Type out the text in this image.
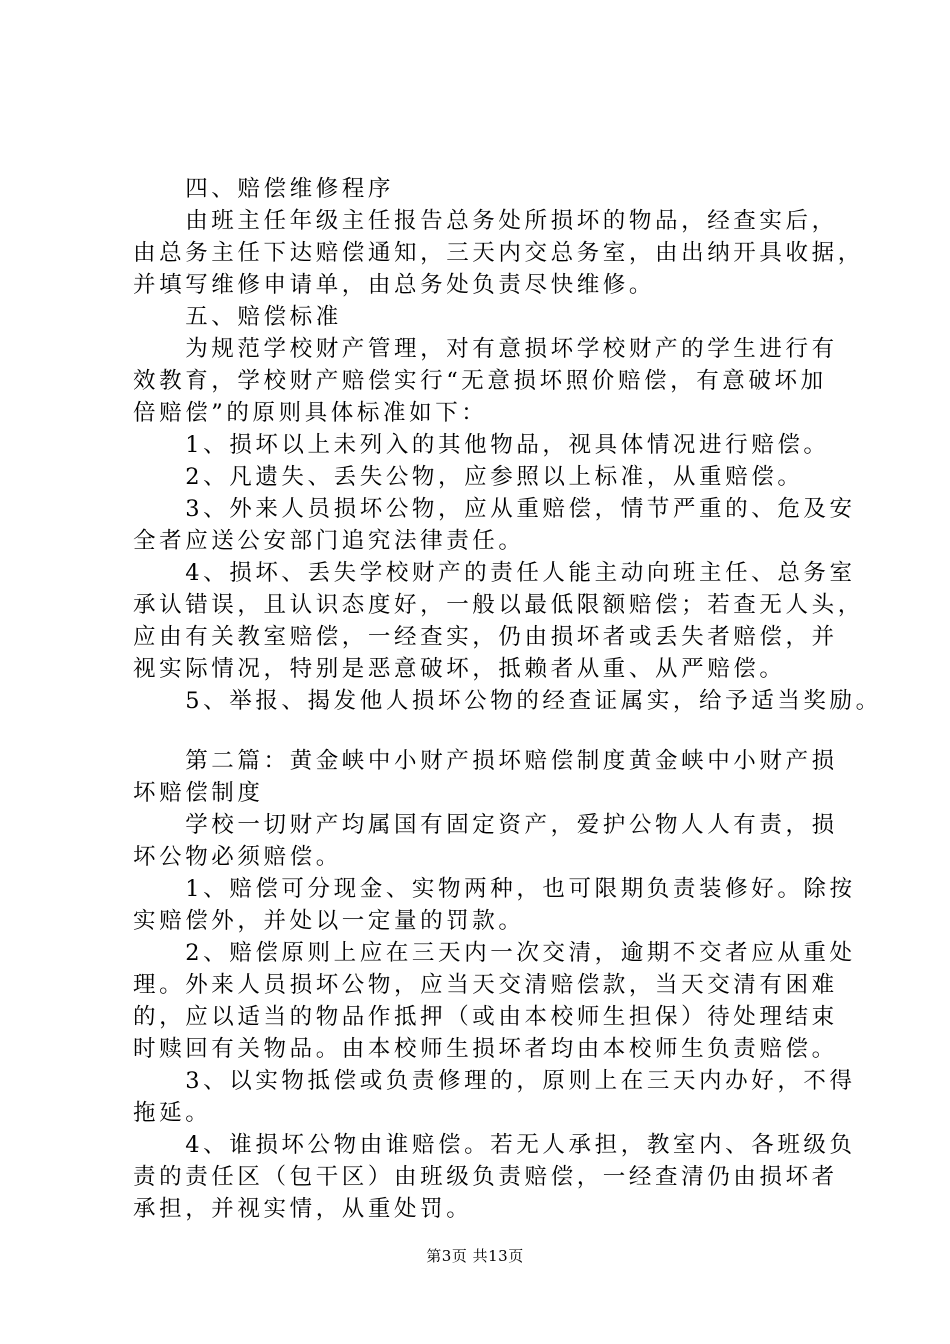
　　四、赔偿维修程序
　　由班主任年级主任报告总务处所损坏的物品，经查实后，
由总务主任下达赔偿通知，三天内交总务室，由出纳开具收据，
并填写维修申请单，由总务处负责尽快维修。
　　五、赔偿标准
　　为规范学校财产管理，对有意损坏学校财产的学生进行有
效教育，学校财产赔偿实行“无意损坏照价赔偿，有意破坏加
倍赔偿”的原则具体标准如下：
　　1、损坏以上未列入的其他物品，视具体情况进行赔偿。
　　2、凡遗失、丢失公物，应参照以上标准，从重赔偿。
　　3、外来人员损坏公物，应从重赔偿，情节严重的、危及安
全者应送公安部门追究法律责任。
　　4、损坏、丢失学校财产的责任人能主动向班主任、总务室
承认错误，且认识态度好，一般以最低限额赔偿；若查无人头，
应由有关教室赔偿，一经查实，仍由损坏者或丢失者赔偿，并
视实际情况，特别是恶意破坏，抵赖者从重、从严赔偿。
　　5、举报、揭发他人损坏公物的经查证属实，给予适当奖励。
　　第二篇：黄金峡中小财产损坏赔偿制度黄金峡中小财产损
坏赔偿制度
　　学校一切财产均属国有固定资产，爱护公物人人有责，损
坏公物必须赔偿。
　　1、赔偿可分现金、实物两种，也可限期负责装修好。除按
实赔偿外，并处以一定量的罚款。
　　2、赔偿原则上应在三天内一次交清，逾期不交者应从重处
理。外来人员损坏公物，应当天交清赔偿款，当天交清有困难
的，应以适当的物品作抵押（或由本校师生担保）待处理结束
时赎回有关物品。由本校师生损坏者均由本校师生负责赔偿。
　　3、以实物抵偿或负责修理的，原则上在三天内办好，不得
拖延。
　　4、谁损坏公物由谁赔偿。若无人承担，教室内、各班级负
责的责任区（包干区）由班级负责赔偿，一经查清仍由损坏者
承担，并视实情，从重处罚。
第3页 共13页
